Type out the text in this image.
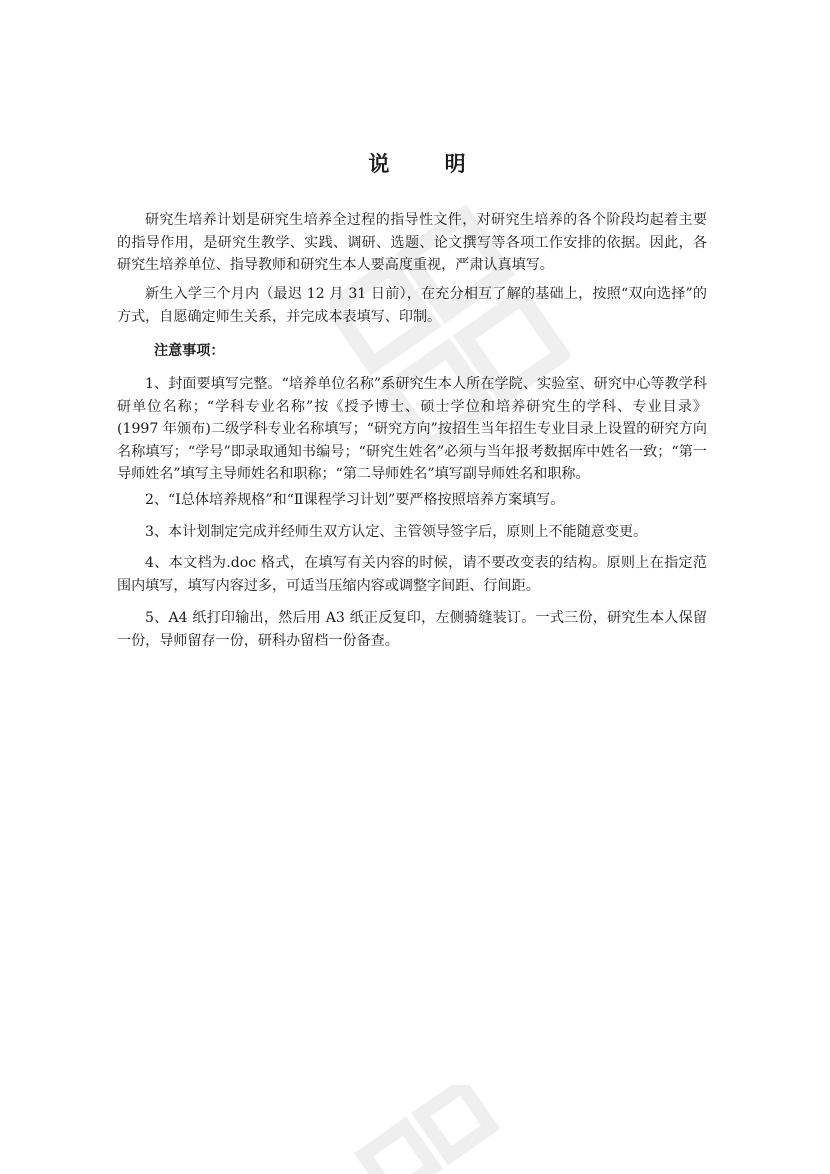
说 明

研究生培养计划是研究生培养全过程的指导性文件，对研究生培养的各个阶段均起着主要的指导作用，是研究生教学、实践、调研、选题、论文撰写等各项工作安排的依据。因此，各研究生培养单位、指导教师和研究生本人要高度重视，严肃认真填写。

新生入学三个月内（最迟 12 月 31 日前），在充分相互了解的基础上，按照“双向选择”的方式，自愿确定师生关系，并完成本表填写、印制。

注意事项：

1、封面要填写完整。“培养单位名称”系研究生本人所在学院、实验室、研究中心等教学科研单位名称；“学科专业名称”按《授予博士、硕士学位和培养研究生的学科、专业目录》(1997 年颁布)二级学科专业名称填写；“研究方向”按招生当年招生专业目录上设置的研究方向名称填写；“学号”即录取通知书编号；“研究生姓名”必须与当年报考数据库中姓名一致；“第一导师姓名”填写主导师姓名和职称；“第二导师姓名”填写副导师姓名和职称。

2、“Ⅰ总体培养规格”和“Ⅱ课程学习计划”要严格按照培养方案填写。

3、本计划制定完成并经师生双方认定、主管领导签字后，原则上不能随意变更。

4、本文档为.doc 格式，在填写有关内容的时候，请不要改变表的结构。原则上在指定范围内填写，填写内容过多，可适当压缩内容或调整字间距、行间距。

5、A4 纸打印输出，然后用 A3 纸正反复印，左侧骑缝装订。一式三份，研究生本人保留一份，导师留存一份，研科办留档一份备查。
